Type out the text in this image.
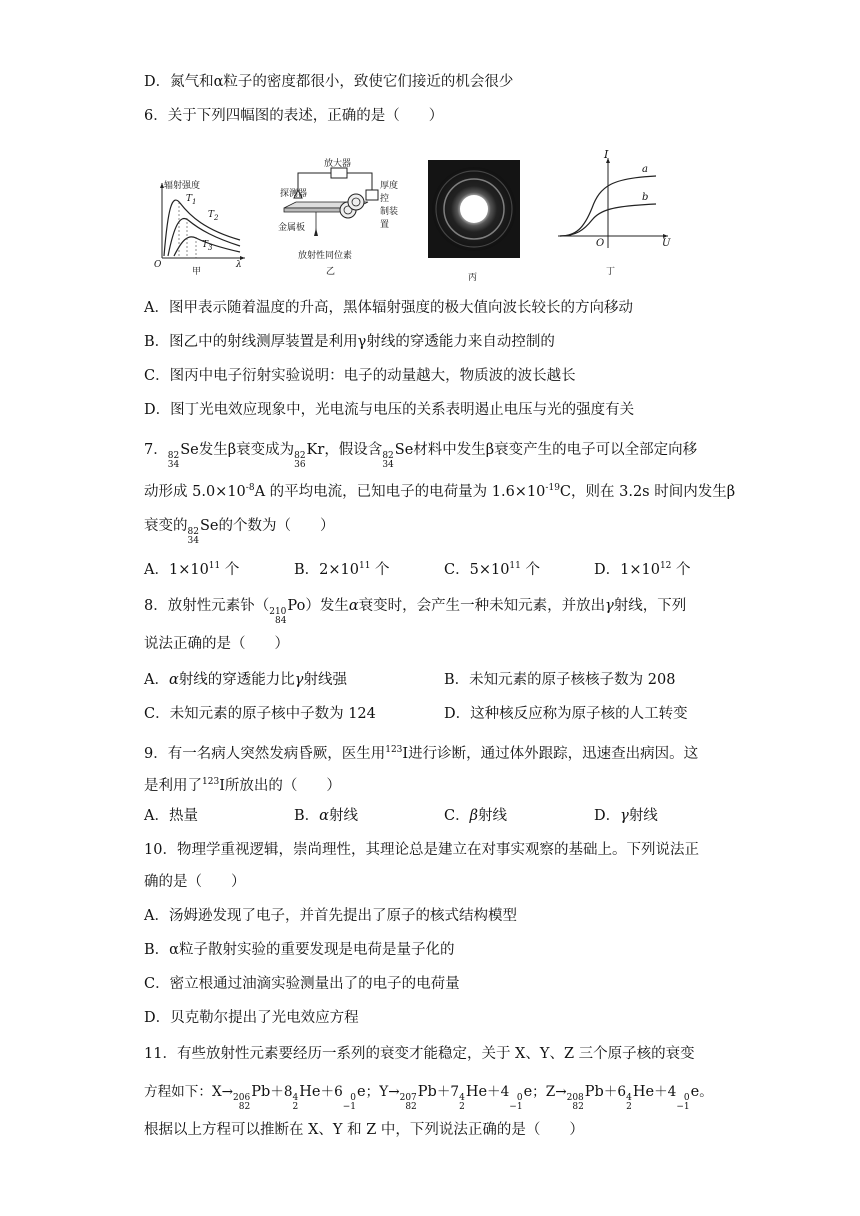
D．氮气和α粒子的密度都很小，致使它们接近的机会很少
6．关于下列四幅图的表述，正确的是（　　）
辐射强度
$T_1$
$T_2$
$T_3$
O	λ
甲
放大器
探测器
厚度控
制装置
金属板
放射性同位素
乙
丙
I
a
b
O	U
丁
A．图甲表示随着温度的升高，黑体辐射强度的极大值向波长较长的方向移动
B．图乙中的射线测厚装置是利用γ射线的穿透能力来自动控制的
C．图丙中电子衍射实验说明：电子的动量越大，物质波的波长越长
D．图丁光电效应现象中，光电流与电压的关系表明遏止电压与光的强度有关
7． 82
34
Se发生β衰变成为 82
36
Kr，假设含 82
34
Se材料中发生β衰变产生的电子可以全部定向移
动形成 $5.0\times 10^{-8}A$ 的平均电流，已知电子的电荷量为 $1.6\times 10^{-19}C$，则在 3.2s 时间内发生β
衰变的 82
34
Se的个数为（　　）
A．$1\times 10^{11}$ 个	B．$2\times 10^{11}$ 个	C．$5\times 10^{11}$ 个	D．$1\times 10^{12}$ 个
8．放射性元素钋（ 210
84
Po）发生α衰变时，会产生一种未知元素，并放出γ射线，下列
说法正确的是（　　）
A．α射线的穿透能力比γ射线强	B．未知元素的原子核核子数为 208
C．未知元素的原子核中子数为 124	D．这种核反应称为原子核的人工转变
9．有一名病人突然发病昏厥，医生用$^{123}$I进行诊断，通过体外跟踪，迅速查出病因。这
是利用了$^{123}$I所放出的（　　）
A．热量	B．α射线	C．β射线	D．γ射线
10．物理学重视逻辑，崇尚理性，其理论总是建立在对事实观察的基础上。下列说法正
确的是（　　）
A．汤姆逊发现了电子，并首先提出了原子的核式结构模型
B．α粒子散射实验的重要发现是电荷是量子化的
C．密立根通过油滴实验测量出了的电子的电荷量
D．贝克勒尔提出了光电效应方程
11．有些放射性元素要经历一系列的衰变才能稳定，关于 X、Y、Z 三个原子核的衰变
方程如下：X→ 206
82
Pb＋8 4
2
He＋6 0
−1
e；Y→ 207
82
Pb＋7 4
2
He＋4 0
−1
e；Z→ 208
82
Pb＋6 4
2
He＋4 0
−1
e。
根据以上方程可以推断在 X、Y 和 Z 中，下列说法正确的是（　　）
